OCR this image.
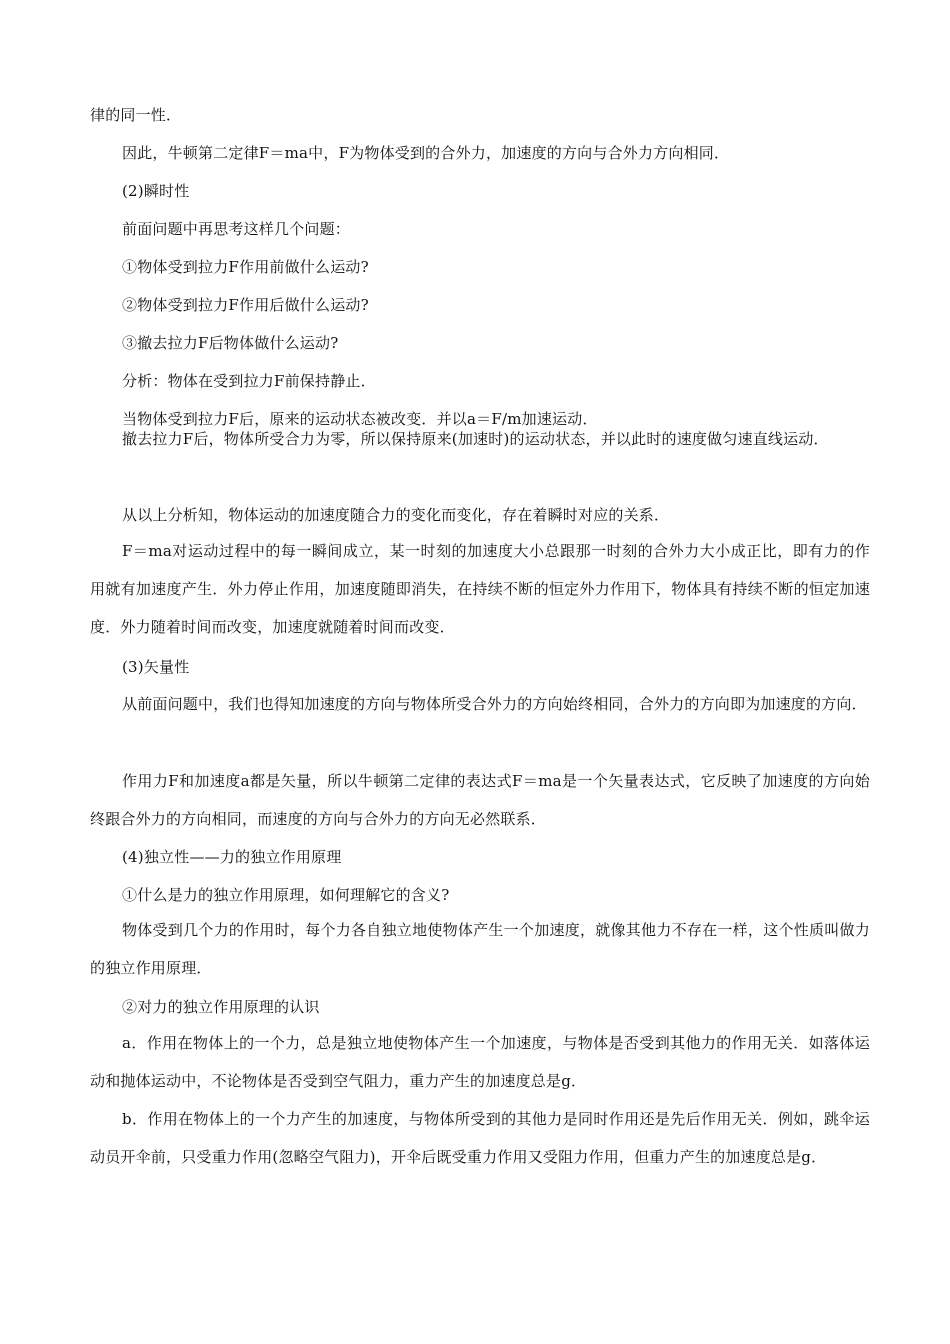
律的同一性．

因此，牛顿第二定律F＝ma中，F为物体受到的合外力，加速度的方向与合外力方向相同．

(2)瞬时性

前面问题中再思考这样几个问题：

①物体受到拉力F作用前做什么运动?

②物体受到拉力F作用后做什么运动?

③撤去拉力F后物体做什么运动?

分析：物体在受到拉力F前保持静止．

当物体受到拉力F后，原来的运动状态被改变．并以a＝F/m加速运动．

撤去拉力F后，物体所受合力为零，所以保持原来(加速时)的运动状态，并以此时的速度做匀速直线运动．

从以上分析知，物体运动的加速度随合力的变化而变化，存在着瞬时对应的关系．

F＝ma对运动过程中的每一瞬间成立，某一时刻的加速度大小总跟那一时刻的合外力大小成正比，即有力的作用就有加速度产生．外力停止作用，加速度随即消失，在持续不断的恒定外力作用下，物体具有持续不断的恒定加速度．外力随着时间而改变，加速度就随着时间而改变．

(3)矢量性

从前面问题中，我们也得知加速度的方向与物体所受合外力的方向始终相同，合外力的方向即为加速度的方向．

作用力F和加速度a都是矢量，所以牛顿第二定律的表达式F＝ma是一个矢量表达式，它反映了加速度的方向始终跟合外力的方向相同，而速度的方向与合外力的方向无必然联系．

(4)独立性——力的独立作用原理

①什么是力的独立作用原理，如何理解它的含义?

物体受到几个力的作用时，每个力各自独立地使物体产生一个加速度，就像其他力不存在一样，这个性质叫做力的独立作用原理．

②对力的独立作用原理的认识

a．作用在物体上的一个力，总是独立地使物体产生一个加速度，与物体是否受到其他力的作用无关．如落体运动和抛体运动中，不论物体是否受到空气阻力，重力产生的加速度总是g．

b．作用在物体上的一个力产生的加速度，与物体所受到的其他力是同时作用还是先后作用无关．例如，跳伞运动员开伞前，只受重力作用(忽略空气阻力)，开伞后既受重力作用又受阻力作用，但重力产生的加速度总是g．
